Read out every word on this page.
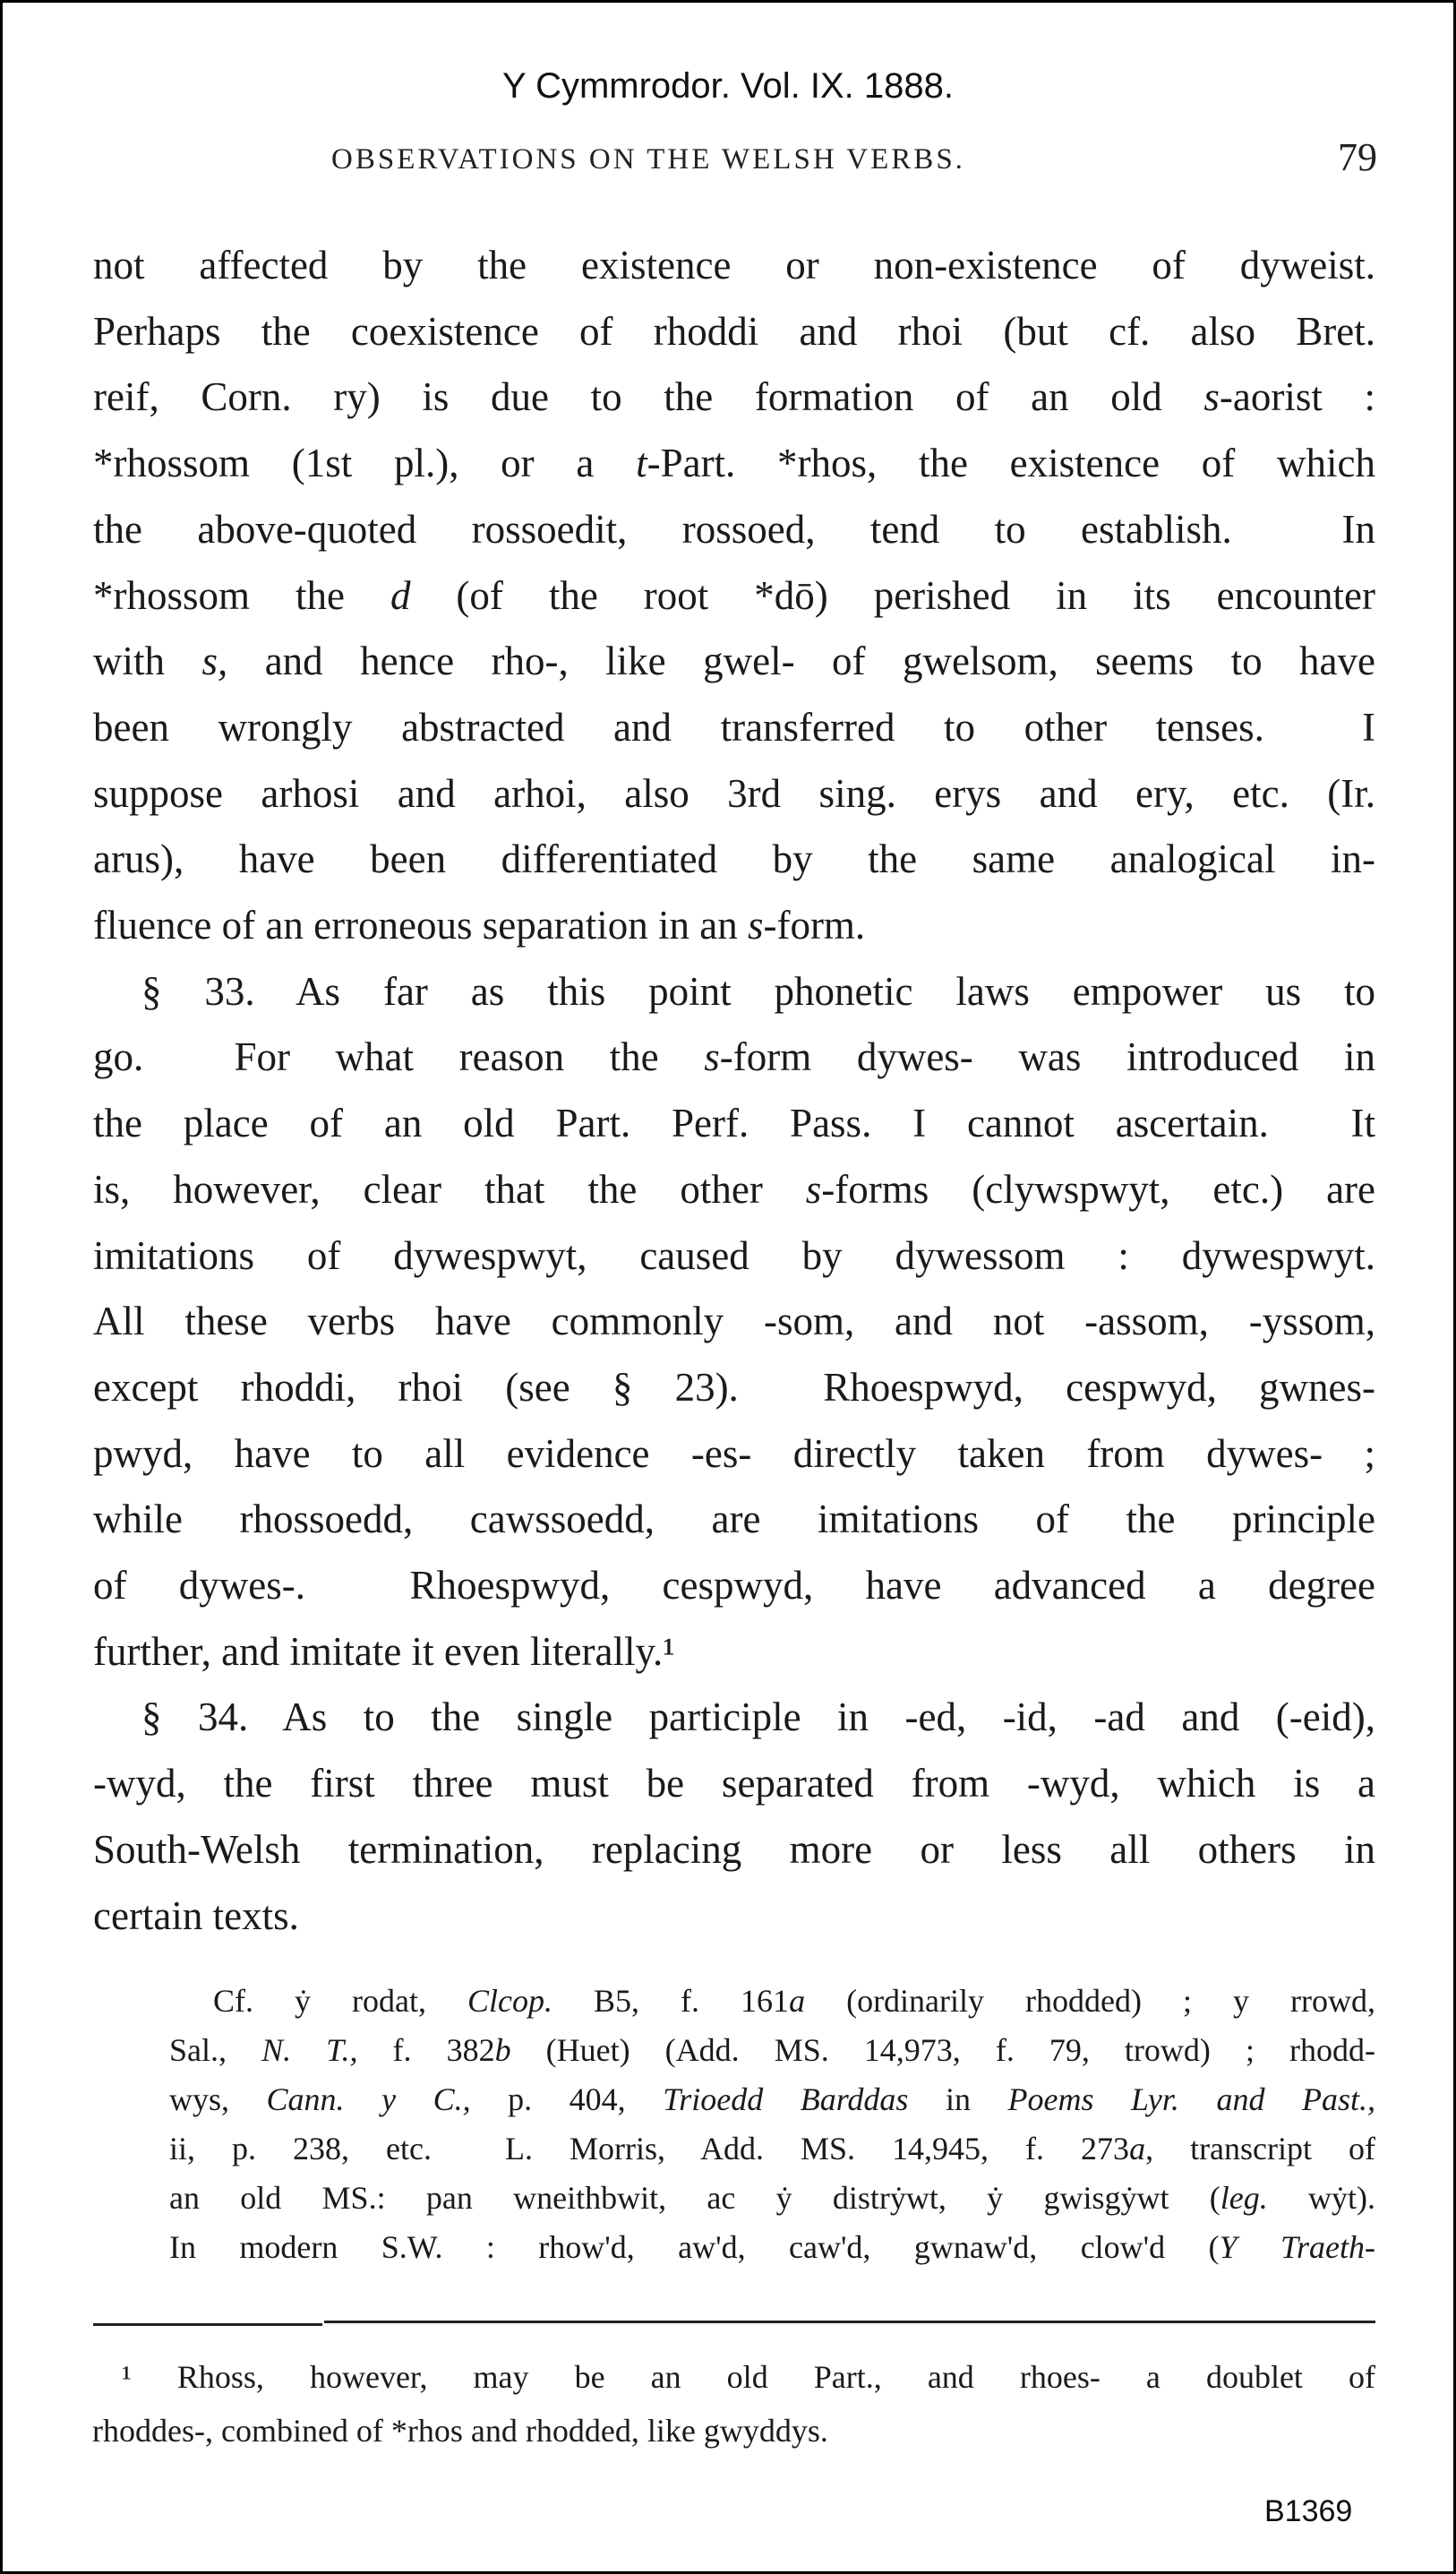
Y Cymmrodor. Vol. IX. 1888.
OBSERVATIONS ON THE WELSH VERBS.	79
not affected by the existence or non-existence of dyweist.
Perhaps the coexistence of rhoddi and rhoi (but cf. also Bret.
reif, Corn. ry) is due to the formation of an old s-aorist :
*rhossom (1st pl.), or a t-Part. *rhos, the existence of which
the above-quoted rossoedit, rossoed, tend to establish.  In
*rhossom the d (of the root *dō) perished in its encounter
with s, and hence rho-, like gwel- of gwelsom, seems to have
been wrongly abstracted and transferred to other tenses.  I
suppose arhosi and arhoi, also 3rd sing. erys and ery, etc. (Ir.
arus), have been differentiated by the same analogical in-
fluence of an erroneous separation in an s-form.
§ 33. As far as this point phonetic laws empower us to
go.  For what reason the s-form dywes- was introduced in
the place of an old Part. Perf. Pass. I cannot ascertain.  It
is, however, clear that the other s-forms (clywspwyt, etc.) are
imitations of dywespwyt, caused by dywessom : dywespwyt.
All these verbs have commonly -som, and not -assom, -yssom,
except rhoddi, rhoi (see § 23).  Rhoespwyd, cespwyd, gwnes-
pwyd, have to all evidence -es- directly taken from dywes- ;
while rhossoedd, cawssoedd, are imitations of the principle
of dywes-.  Rhoespwyd, cespwyd, have advanced a degree
further, and imitate it even literally.¹
§ 34. As to the single participle in -ed, -id, -ad and (-eid),
-wyd, the first three must be separated from -wyd, which is a
South-Welsh termination, replacing more or less all others in
certain texts.
Cf. ẏ rodat, Clcop. B5, f. 161a (ordinarily rhodded) ; y rrowd,
Sal., N. T., f. 382b (Huet) (Add. MS. 14,973, f. 79, trowd) ; rhodd-
wys, Cann. y C., p. 404, Trioedd Barddas in Poems Lyr. and Past.,
ii, p. 238, etc.  L. Morris, Add. MS. 14,945, f. 273a, transcript of
an old MS.: pan wneithbwit, ac ẏ distrẏwt, ẏ gwisgẏwt (leg. wẏt).
In modern S.W. : rhow'd, aw'd, caw'd, gwnaw'd, clow'd (Y Traeth-
¹ Rhoss, however, may be an old Part., and rhoes- a doublet of
rhoddes-, combined of *rhos and rhodded, like gwyddys.
B1369
